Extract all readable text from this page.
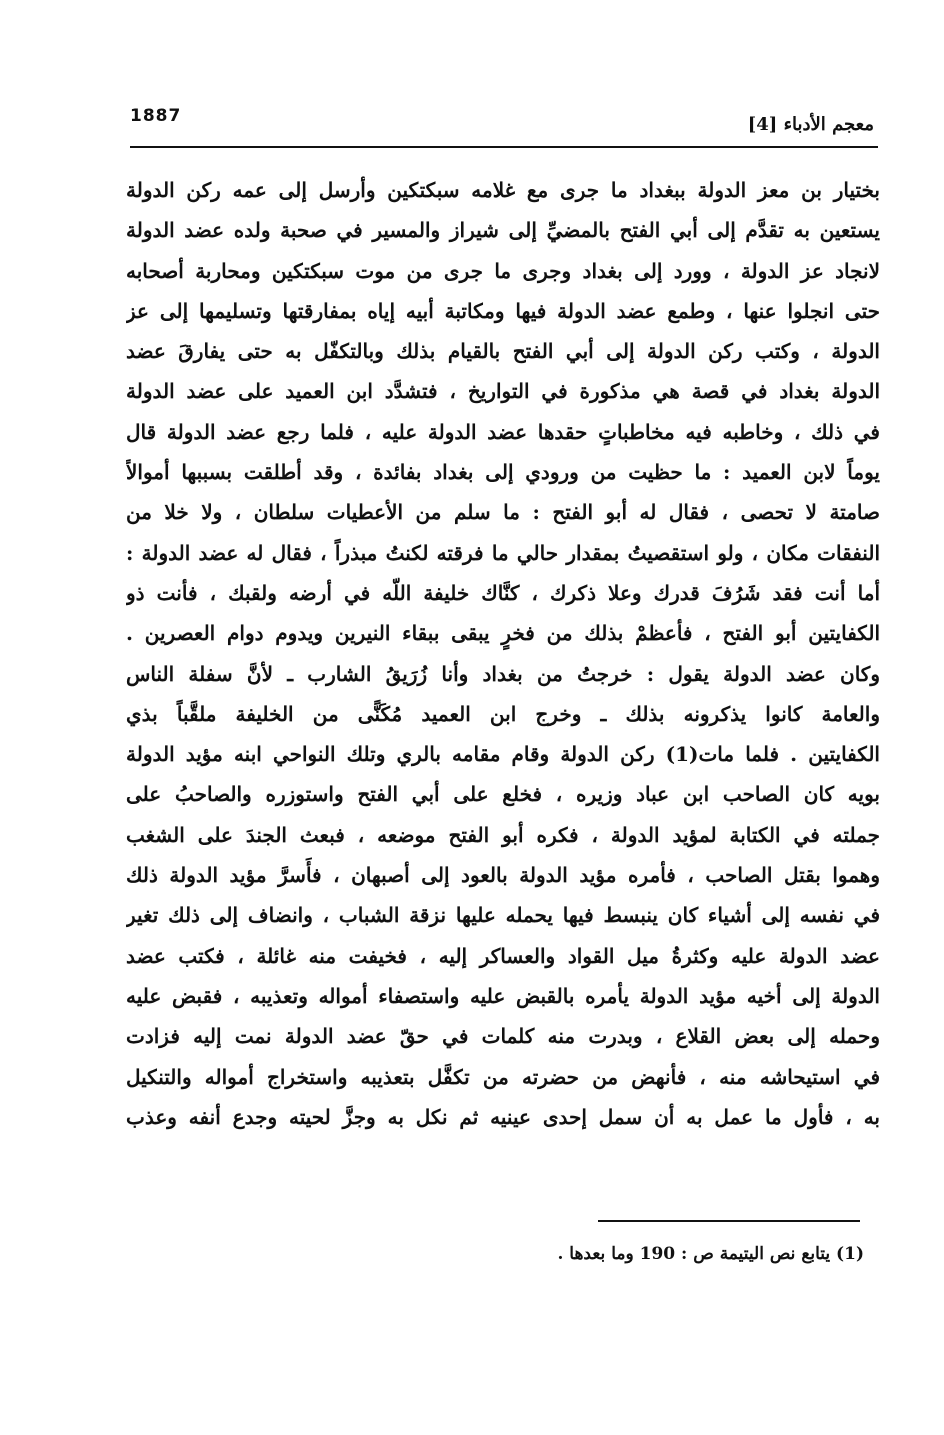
1887	معجم الأدباء [4]
بختيار بن معز الدولة ببغداد ما جرى مع غلامه سبكتكين وأرسل إلى عمه ركن الدولة
يستعين به تقدَّم إلى أبي الفتح بالمضيِّ إلى شيراز والمسير في صحبة ولده عضد الدولة
لانجاد عز الدولة ، وورد إلى بغداد وجرى ما جرى من موت سبكتكين ومحاربة أصحابه
حتى انجلوا عنها ، وطمع عضد الدولة فيها ومكاتبة أبيه إياه بمفارقتها وتسليمها إلى عز
الدولة ، وكتب ركن الدولة إلى أبي الفتح بالقيام بذلك وبالتكفّل به حتى يفارقَ عضد
الدولة بغداد في قصة هي مذكورة في التواريخ ، فتشدَّد ابن العميد على عضد الدولة
في ذلك ، وخاطبه فيه مخاطباتٍ حقدها عضد الدولة عليه ، فلما رجع عضد الدولة قال
يوماً لابن العميد : ما حظيت من ورودي إلى بغداد بفائدة ، وقد أطلقت بسببها أموالاً
صامتة لا تحصى ، فقال له أبو الفتح : ما سلم من الأعطيات سلطان ، ولا خلا من
النفقات مكان ، ولو استقصيتُ بمقدار حالي ما فرقته لكنتُ مبذراً ، فقال له عضد الدولة :
أما أنت فقد شَرُفَ قدرك وعلا ذكرك ، كنَّاك خليفة اللّه في أرضه ولقبك ، فأنت ذو
الكفايتين أبو الفتح ، فأعظمْ بذلك من فخرٍ يبقى ببقاء النيرين ويدوم دوام العصرين .
وكان عضد الدولة يقول : خرجتُ من بغداد وأنا زُرَيقُ الشارب ـ لأنَّ سفلة الناس
والعامة كانوا يذكرونه بذلك ـ وخرج ابن العميد مُكَنًّى من الخليفة ملقَّباً بذي
الكفايتين . فلما مات(1) ركن الدولة وقام مقامه بالري وتلك النواحي ابنه مؤيد الدولة
بويه كان الصاحب ابن عباد وزيره ، فخلع على أبي الفتح واستوزره والصاحبُ على
جملته في الكتابة لمؤيد الدولة ، فكره أبو الفتح موضعه ، فبعث الجندَ على الشغب
وهموا بقتل الصاحب ، فأمره مؤيد الدولة بالعود إلى أصبهان ، فأَسرَّ مؤيد الدولة ذلك
في نفسه إلى أشياء كان ينبسط فيها يحمله عليها نزقة الشباب ، وانضاف إلى ذلك تغير
عضد الدولة عليه وكثرةُ ميل القواد والعساكر إليه ، فخيفت منه غائلة ، فكتب عضد
الدولة إلى أخيه مؤيد الدولة يأمره بالقبض عليه واستصفاء أمواله وتعذيبه ، فقبض عليه
وحمله إلى بعض القلاع ، وبدرت منه كلمات في حقّ عضد الدولة نمت إليه فزادت
في استيحاشه منه ، فأنهض من حضرته من تكفَّل بتعذيبه واستخراج أمواله والتنكيل
به ، فأول ما عمل به أن سمل إحدى عينيه ثم نكل به وجزَّ لحيته وجدع أنفه وعذب
(1) يتابع نص اليتيمة ص : 190 وما بعدها .
